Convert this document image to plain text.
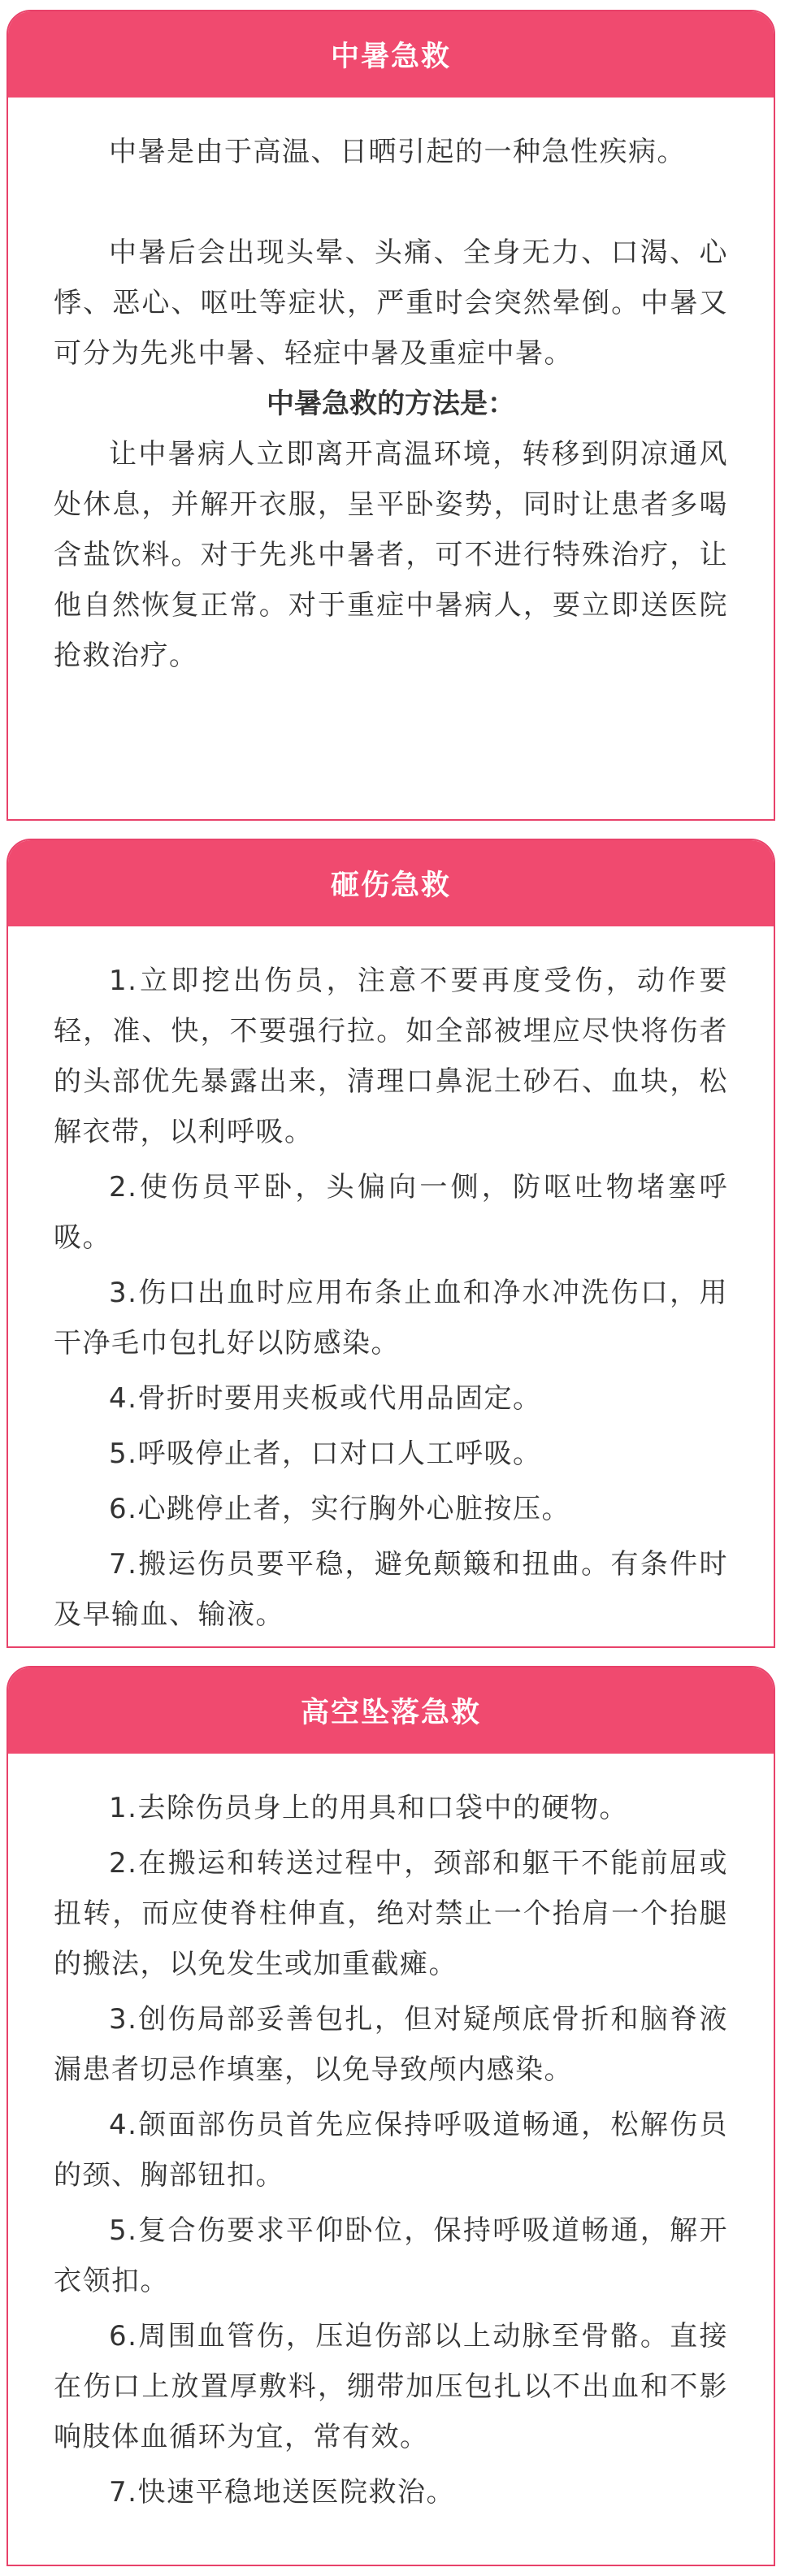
中暑急救

中暑是由于高温、日晒引起的一种急性疾病。

中暑后会出现头晕、头痛、全身无力、口渴、心悸、恶心、呕吐等症状，严重时会突然晕倒。中暑又可分为先兆中暑、轻症中暑及重症中暑。

中暑急救的方法是：

让中暑病人立即离开高温环境，转移到阴凉通风处休息，并解开衣服，呈平卧姿势，同时让患者多喝含盐饮料。对于先兆中暑者，可不进行特殊治疗，让他自然恢复正常。对于重症中暑病人，要立即送医院抢救治疗。

砸伤急救

1.立即挖出伤员，注意不要再度受伤，动作要轻，准、快，不要强行拉。如全部被埋应尽快将伤者的头部优先暴露出来，清理口鼻泥土砂石、血块，松解衣带，以利呼吸。

2.使伤员平卧，头偏向一侧，防呕吐物堵塞呼吸。

3.伤口出血时应用布条止血和净水冲洗伤口，用干净毛巾包扎好以防感染。

4.骨折时要用夹板或代用品固定。

5.呼吸停止者，口对口人工呼吸。

6.心跳停止者，实行胸外心脏按压。

7.搬运伤员要平稳，避免颠簸和扭曲。有条件时及早输血、输液。

高空坠落急救

1.去除伤员身上的用具和口袋中的硬物。

2.在搬运和转送过程中，颈部和躯干不能前屈或扭转，而应使脊柱伸直，绝对禁止一个抬肩一个抬腿的搬法，以免发生或加重截瘫。

3.创伤局部妥善包扎，但对疑颅底骨折和脑脊液漏患者切忌作填塞，以免导致颅内感染。

4.颌面部伤员首先应保持呼吸道畅通，松解伤员的颈、胸部钮扣。

5.复合伤要求平仰卧位，保持呼吸道畅通，解开衣领扣。

6.周围血管伤，压迫伤部以上动脉至骨骼。直接在伤口上放置厚敷料，绷带加压包扎以不出血和不影响肢体血循环为宜，常有效。

7.快速平稳地送医院救治。
